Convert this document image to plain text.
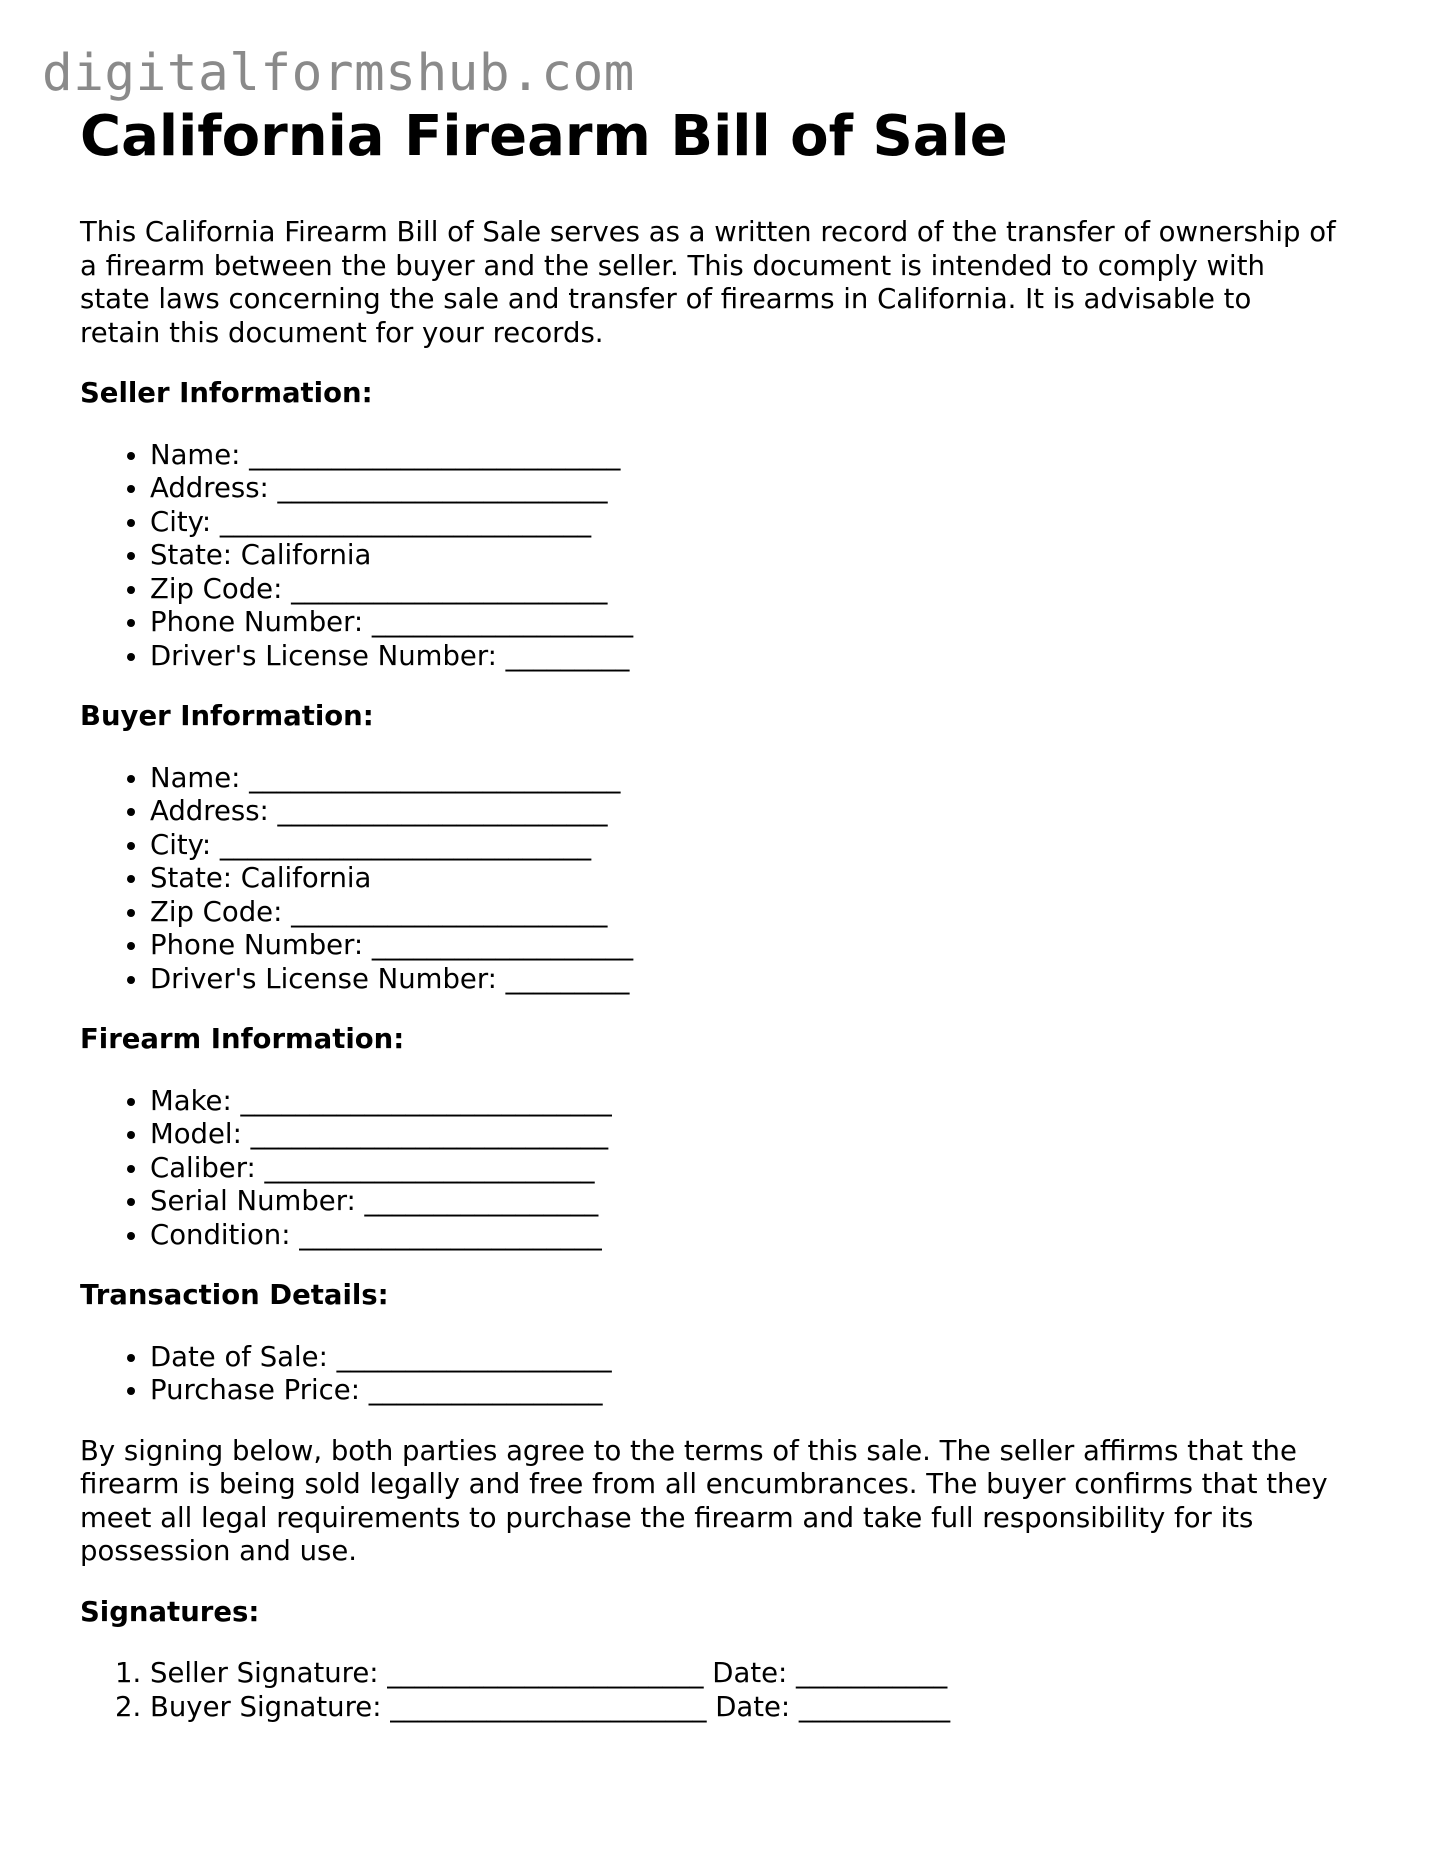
digitalformshub.com
California Firearm Bill of Sale

This California Firearm Bill of Sale serves as a written record of the transfer of ownership of a firearm between the buyer and the seller. This document is intended to comply with state laws concerning the sale and transfer of firearms in California. It is advisable to retain this document for your records.

Seller Information:
• Name: ___________________________
• Address: ________________________
• City: ___________________________
• State: California
• Zip Code: _______________________
• Phone Number: ___________________
• Driver's License Number: _________
Buyer Information:
• Name: ___________________________
• Address: ________________________
• City: ___________________________
• State: California
• Zip Code: _______________________
• Phone Number: ___________________
• Driver's License Number: _________
Firearm Information:
• Make: ___________________________
• Model: __________________________
• Caliber: ________________________
• Serial Number: _________________
• Condition: ______________________
Transaction Details:
• Date of Sale: ____________________
• Purchase Price: _________________

By signing below, both parties agree to the terms of this sale. The seller affirms that the firearm is being sold legally and free from all encumbrances. The buyer confirms that they meet all legal requirements to purchase the firearm and take full responsibility for its possession and use.

Signatures:
1. Seller Signature: _______________________ Date: ___________
2. Buyer Signature: _______________________ Date: ___________
